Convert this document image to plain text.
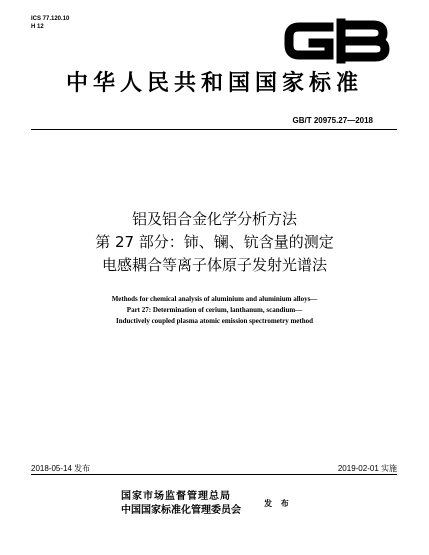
ICS 77.120.10
H 12
中华人民共和国国家标准
GB/T 20975.27—2018
铝及铝合金化学分析方法
第 27 部分：铈、镧、钪含量的测定
电感耦合等离子体原子发射光谱法
Methods for chemical analysis of aluminium and aluminium alloys—
Part 27: Determination of cerium, lanthanum, scandium—
Inductively coupled plasma atomic emission spectrometry method
2018-05-14 发布	2019-02-01 实施
国家市场监督管理总局
中国国家标准化管理委员会
发 布
